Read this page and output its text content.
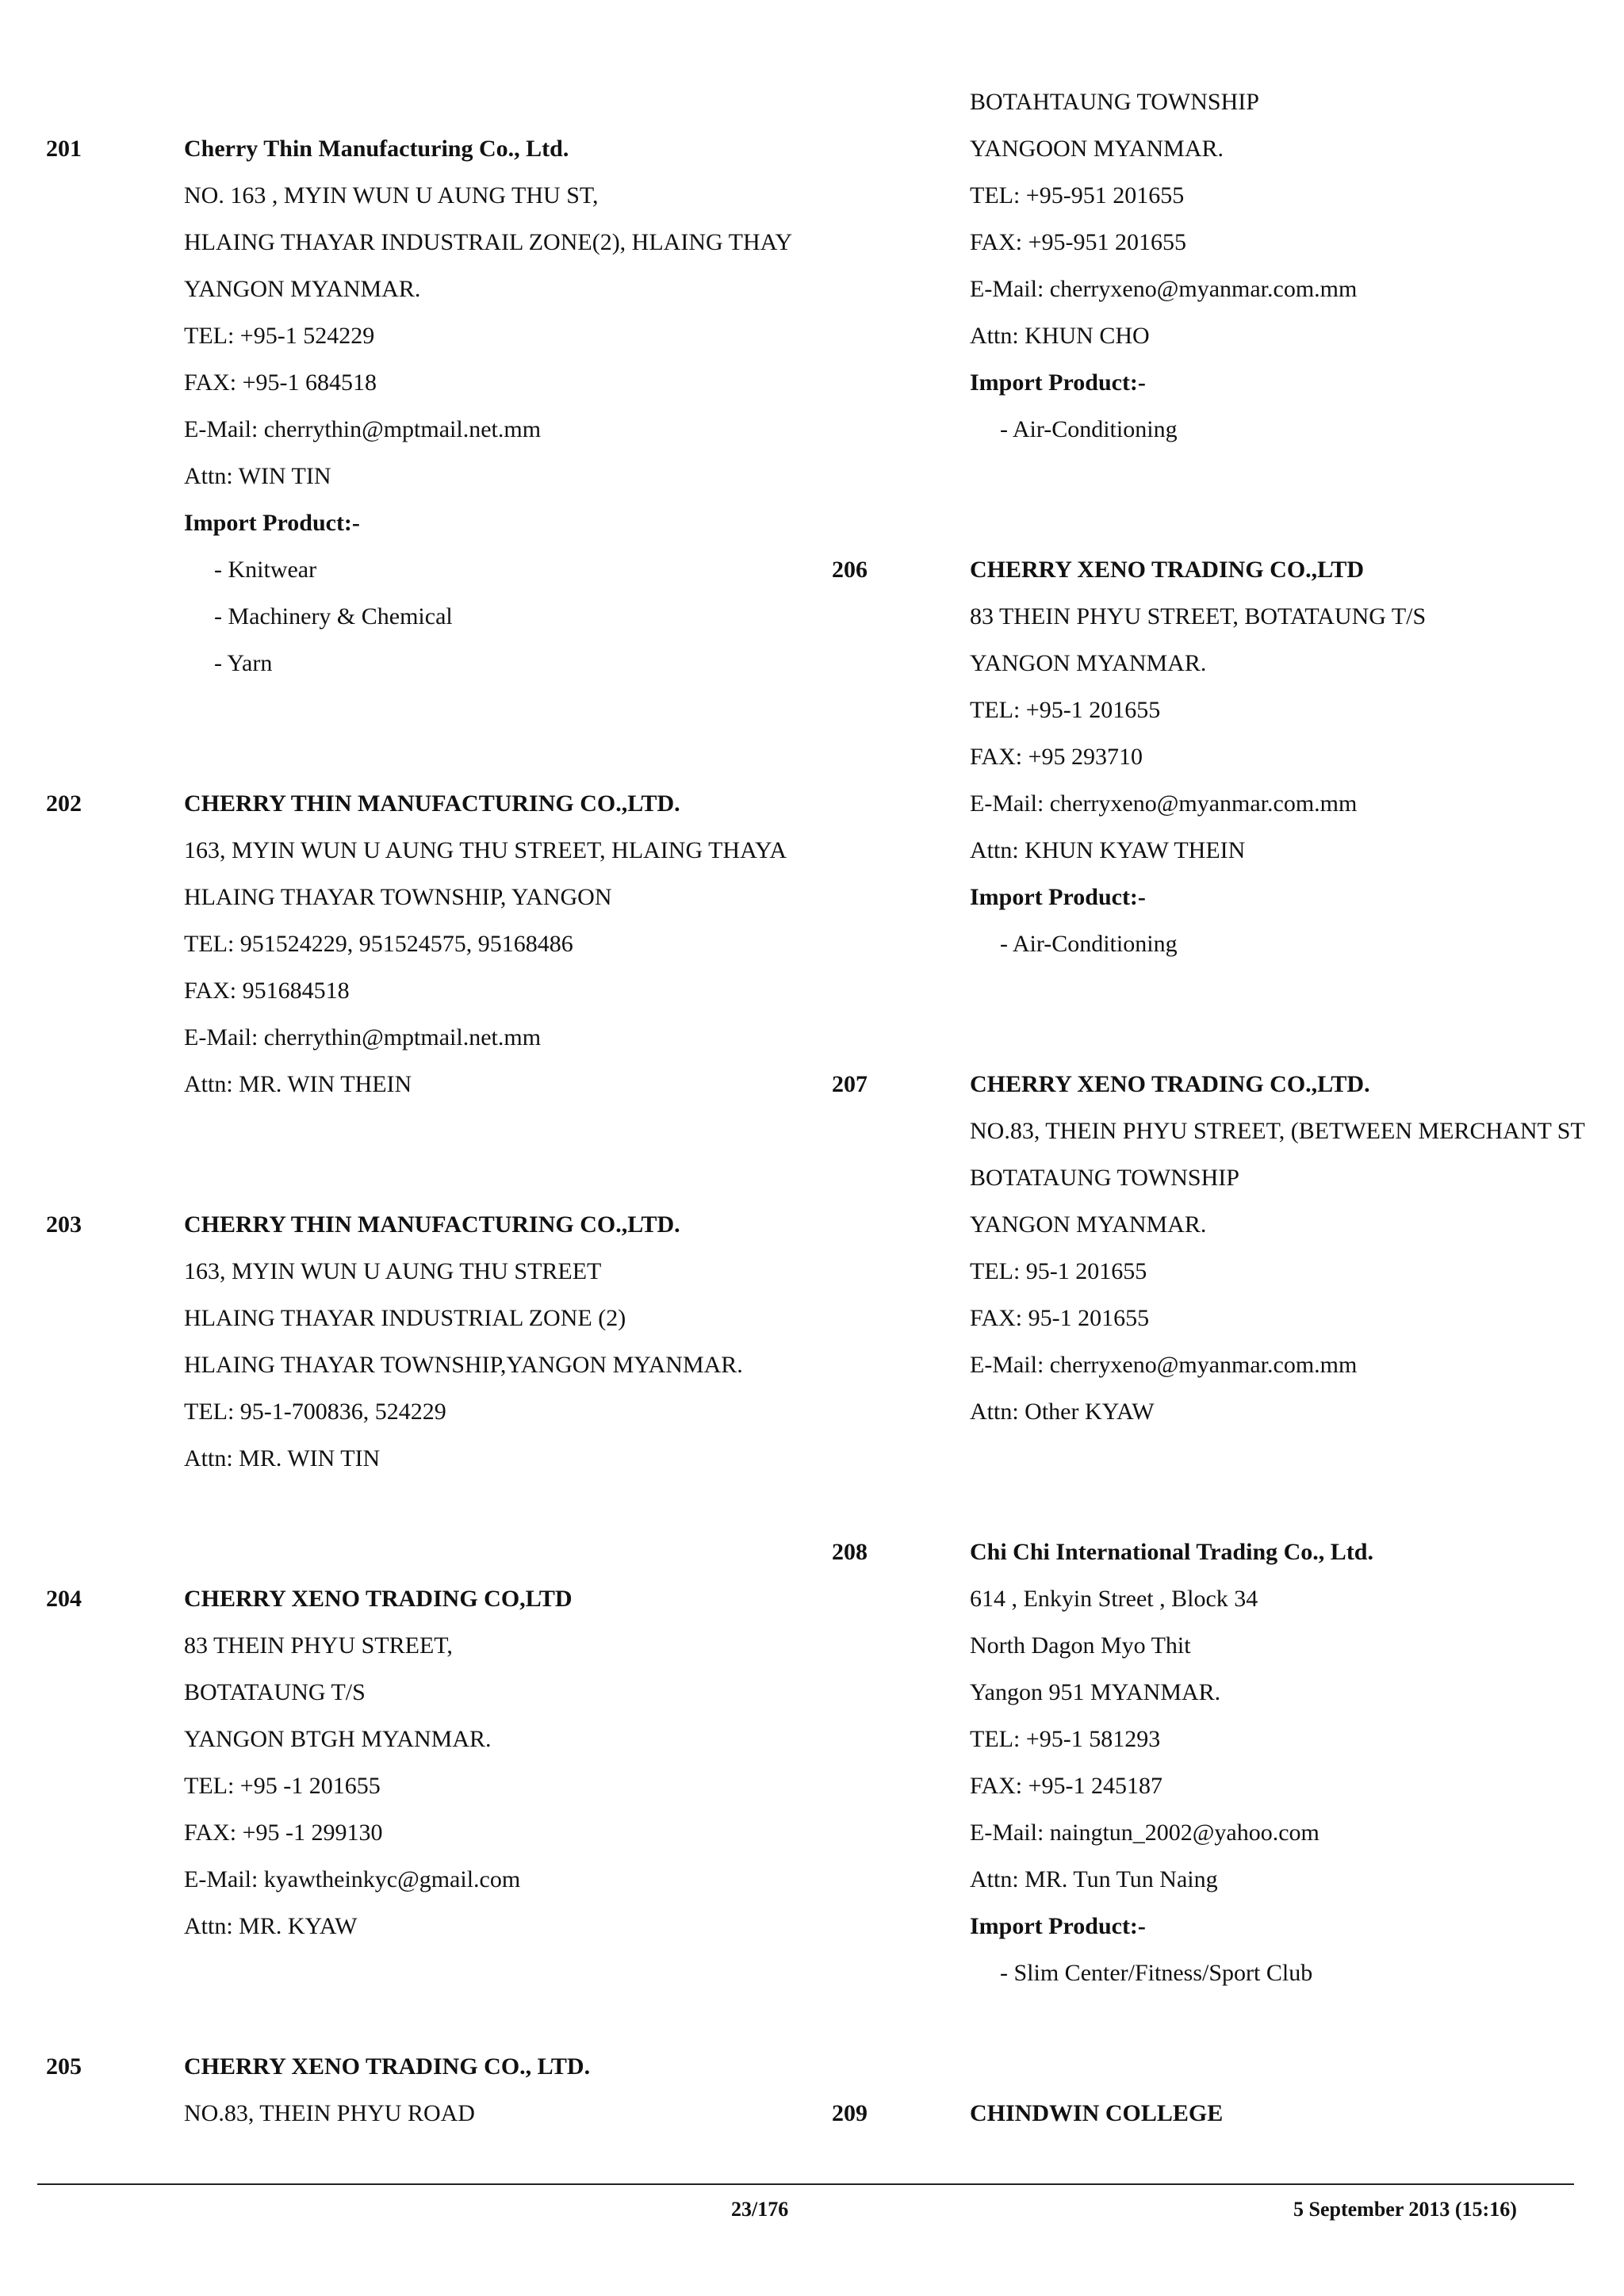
201	Cherry Thin Manufacturing Co., Ltd.
NO. 163 , MYIN WUN U AUNG THU ST,
HLAING THAYAR INDUSTRAIL ZONE(2), HLAING THAY
YANGON MYANMAR.
TEL: +95-1 524229
FAX: +95-1 684518
E-Mail: cherrythin@mptmail.net.mm
Attn: WIN TIN
Import Product:-
- Knitwear
- Machinery & Chemical
- Yarn
202	CHERRY THIN MANUFACTURING CO.,LTD.
163, MYIN WUN U AUNG THU STREET, HLAING THAYA
HLAING THAYAR TOWNSHIP, YANGON
TEL: 951524229, 951524575, 95168486
FAX: 951684518
E-Mail: cherrythin@mptmail.net.mm
Attn: MR. WIN THEIN
203	CHERRY THIN MANUFACTURING CO.,LTD.
163, MYIN WUN U AUNG THU STREET
HLAING THAYAR INDUSTRIAL ZONE (2)
HLAING THAYAR TOWNSHIP,YANGON MYANMAR.
TEL: 95-1-700836, 524229
Attn: MR. WIN TIN
204	CHERRY XENO TRADING CO,LTD
83 THEIN PHYU STREET,
BOTATAUNG T/S
YANGON BTGH MYANMAR.
TEL: +95 -1 201655
FAX: +95 -1 299130
E-Mail: kyawtheinkyc@gmail.com
Attn: MR. KYAW
205	CHERRY XENO TRADING CO., LTD.
NO.83, THEIN PHYU ROAD
BOTAHTAUNG TOWNSHIP
YANGOON MYANMAR.
TEL: +95-951 201655
FAX: +95-951 201655
E-Mail: cherryxeno@myanmar.com.mm
Attn: KHUN CHO
Import Product:-
- Air-Conditioning
206	CHERRY XENO TRADING CO.,LTD
83 THEIN PHYU STREET, BOTATAUNG T/S
YANGON MYANMAR.
TEL: +95-1 201655
FAX: +95 293710
E-Mail: cherryxeno@myanmar.com.mm
Attn: KHUN KYAW THEIN
Import Product:-
- Air-Conditioning
207	CHERRY XENO TRADING CO.,LTD.
NO.83, THEIN PHYU STREET, (BETWEEN MERCHANT ST
BOTATAUNG TOWNSHIP
YANGON MYANMAR.
TEL: 95-1 201655
FAX: 95-1 201655
E-Mail: cherryxeno@myanmar.com.mm
Attn: Other KYAW
208	Chi Chi International Trading Co., Ltd.
614 , Enkyin Street , Block 34
North Dagon Myo Thit
Yangon 951 MYANMAR.
TEL: +95-1 581293
FAX: +95-1 245187
E-Mail: naingtun_2002@yahoo.com
Attn: MR. Tun Tun Naing
Import Product:-
- Slim Center/Fitness/Sport Club
209	CHINDWIN COLLEGE
23/176	5 September 2013 (15:16)
